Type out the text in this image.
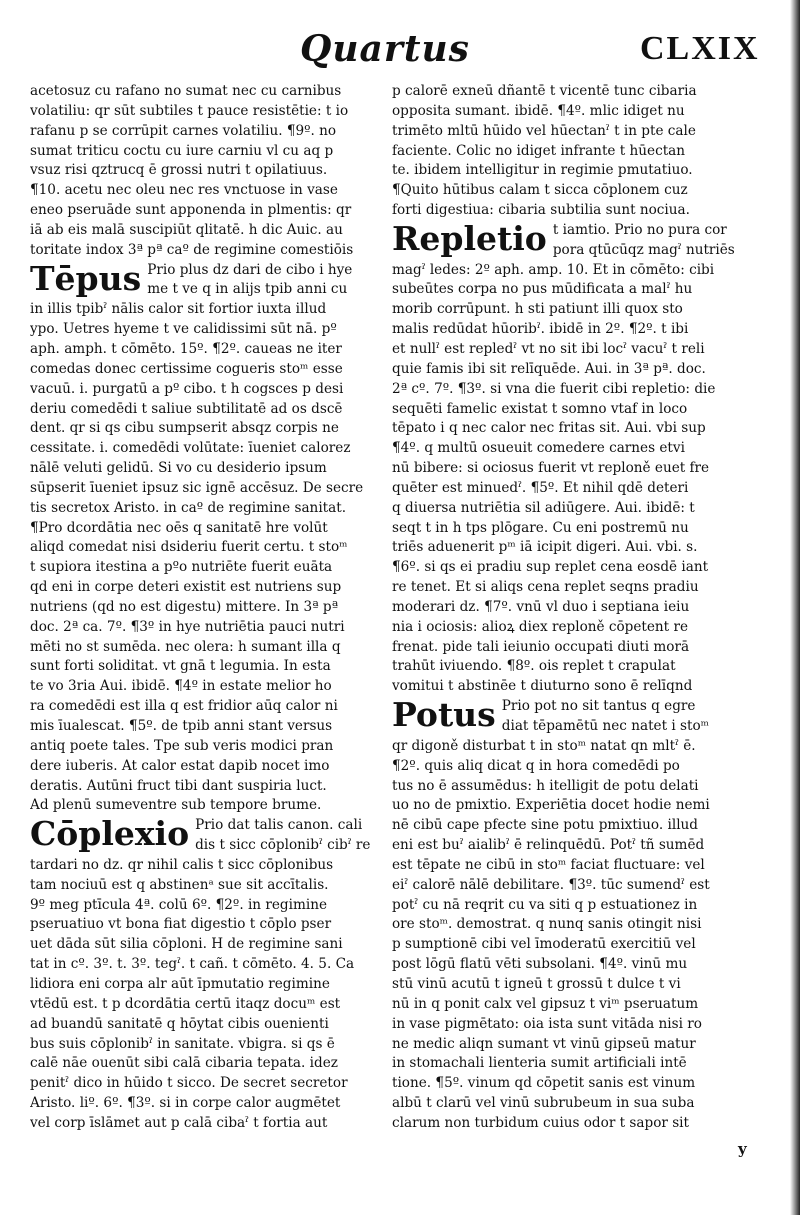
Quartus	CLXIX
acetosuz cu rafano no sumat nec cu carnibus
volatiliu: qr sūt subtiles t pauce resistētie: t io
rafanu p se corrūpit carnes volatiliu. ¶9º. no
sumat triticu coctu cu iure carniu vl cu aq p
vsuz risi qztrucq ē grossi nutri t opilatiuus.
¶10. acetu nec oleu nec res vnctuose in vase
eneo pseruāde sunt apponenda in plmentis: qr
iā ab eis malā suscipiūt qlitatē. h dic Auic. au
toritate indox 3ª pª caº de regimine comestiōis
Tēpus Prio plus dz dari de cibo i hye
me t ve q in alijs tpib anni cu
in illis tpibˀ nālis calor sit fortior iuxta illud
ypo. Uetres hyeme t ve calidissimi sūt nā. pº
aph. amph. t cōmēto. 15º. ¶2º. caueas ne iter
comedas donec certissime cogueris stoᵐ esse
vacuū. i. purgatū a pº cibo. t h cogsces p desi
deriu comedēdi t saliue subtilitatē ad os dscē
dent. qr si qs cibu sumpserit absqz corpis ne
cessitate. i. comedēdi volūtate: īueniet calorez
nālē veluti gelidū. Si vo cu desiderio ipsum
sūpserit īueniet ipsuz sic ignē accēsuz. De secre
tis secretox Aristo. in caº de regimine sanitat.
¶Pro dcordātia nec oēs q sanitatē hre volūt
aliqd comedat nisi dsideriu fuerit certu. t stoᵐ
t supiora itestina a pºo nutriēte fuerit euāta
qd eni in corpe deteri existit est nutriens sup
nutriens (qd no est digestu) mittere. In 3ª pª
doc. 2ª ca. 7º. ¶3º in hye nutriētia pauci nutri
mēti no st sumēda. nec olera: h sumant illa q
sunt forti soliditat. vt gnā t legumia. In esta
te vo 3ria Aui. ibidē. ¶4º in estate melior ho
ra comedēdi est illa q est fridior aūq calor ni
mis īualescat. ¶5º. de tpib anni stant versus
antiq poete tales. Tpe sub veris modici pran
dere iuberis. At calor estat dapib nocet imo
deratis. Autūni fruct tibi dant suspiria luct.
Ad plenū sumeventre sub tempore brume.
Cōplexio Prio dat talis canon. cali
dis t sicc cōplonibˀ cibˀ re
tardari no dz. qr nihil calis t sicc cōplonibus
tam nociuū est q abstinenᵃ sue sit accītalis.
9º meg ptīcula 4ª. colū 6º. ¶2º. in regimine
pseruatiuo vt bona fiat digestio t cōplo pser
uet dāda sūt silia cōploni. H de regimine sani
tat in cº. 3º. t. 3º. tegˀ. t cañ. t cōmēto. 4. 5. Ca
lidiora eni corpa alr aūt īpmutatio regimine
vtēdū est. t p dcordātia certū itaqz docuᵐ est
ad buandū sanitatē q hōytat cibis ouenienti
bus suis cōplonibˀ in sanitate. vbigra. si qs ē
calē nāe ouenūt sibi calā cibaria tepata. idez
penitˀ dico in hūido t sicco. De secret secretor
Aristo. liº. 6º. ¶3º. si in corpe calor augmētet
vel corp īslāmet aut p calā cibaˀ t fortia aut
p calorē exneū dñantē t vicentē tunc cibaria
opposita sumant. ibidē. ¶4º. mlic idiget nu
trimēto mltū hūido vel hūectanˀ t in pte cale
faciente. Colic no idiget infrante t hūectan
te. ibidem intelligitur in regimie pmutatiuo.
¶Quito hūtibus calam t sicca cōplonem cuz
forti digestiua: cibaria subtilia sunt nociua.
Repletio t iamtio. Prio no pura cor
pora qtūcūqz magˀ nutriēs
magˀ ledes: 2º aph. amp. 10. Et in cōmēto: cibi
subeūtes corpa no pus mūdificata a malˀ hu
morib corrūpunt. h sti patiunt illi quox sto
malis redūdat hūoribˀ. ibidē in 2º. ¶2º. t ibi
et nullˀ est repledˀ vt no sit ibi locˀ vacuˀ t reli
quie famis ibi sit relīquēde. Aui. in 3ª pª. doc.
2ª cº. 7º. ¶3º. si vna die fuerit cibi repletio: die
sequēti famelic existat t somno vtaf in loco
tēpato i q nec calor nec fritas sit. Aui. vbi sup
¶4º. q multū osueuit comedere carnes etvi
nū bibere: si ociosus fuerit vt reploně euet fre
quēter est minuedˀ. ¶5º. Et nihil qdē deteri
q diuersa nutriētia sil adiūgere. Aui. ibidē: t
seqt t in h tps plōgare. Cu eni postremū nu
triēs aduenerit pᵐ iā icipit digeri. Aui. vbi. s.
¶6º. si qs ei pradiu sup replet cena eosdē iant
re tenet. Et si aliqs cena replet seqns pradiu
moderari dz. ¶7º. vnū vl duo i septiana ieiu
nia i ociosis: alioꝝ diex reploně cōpetent re
frenat. pide tali ieiunio occupati diuti morā
trahūt iviuendo. ¶8º. ois replet t crapulat
vomitui t abstinēe t diuturno sono ē relīqnd
Potus Prio pot no sit tantus q egre
diat tēpamētū nec natet i stoᵐ
qr digoně disturbat t in stoᵐ natat qn mltˀ ē.
¶2º. quis aliq dicat q in hora comedēdi po
tus no ē assumēdus: h itelligit de potu delati
uo no de pmixtio. Experiētia docet hodie nemi
nē cibū cape pfecte sine potu pmixtiuo. illud
eni est buˀ aialibˀ ē relinquēdū. Potˀ tñ sumēd
est tēpate ne cibū in stoᵐ faciat fluctuare: vel
eiˀ calorē nālē debilitare. ¶3º. tūc sumendˀ est
potˀ cu nā reqrit cu va siti q p estuationez in
ore stoᵐ. demostrat. q nunq sanis otingit nisi
p sumptionē cibi vel īmoderatū exercitiū vel
post lōgū flatū vēti subsolani. ¶4º. vinū mu
stū vinū acutū t igneū t grossū t dulce t vi
nū in q ponit calx vel gipsuz t viᵐ pseruatum
in vase pigmētato: oia ista sunt vitāda nisi ro
ne medic aliqn sumant vt vinū gipseū matur
in stomachali lienteria sumit artificiali intē
tione. ¶5º. vinum qd cōpetit sanis est vinum
albū t clarū vel vinū subrubeum in sua suba
clarum non turbidum cuius odor t sapor sit
y
